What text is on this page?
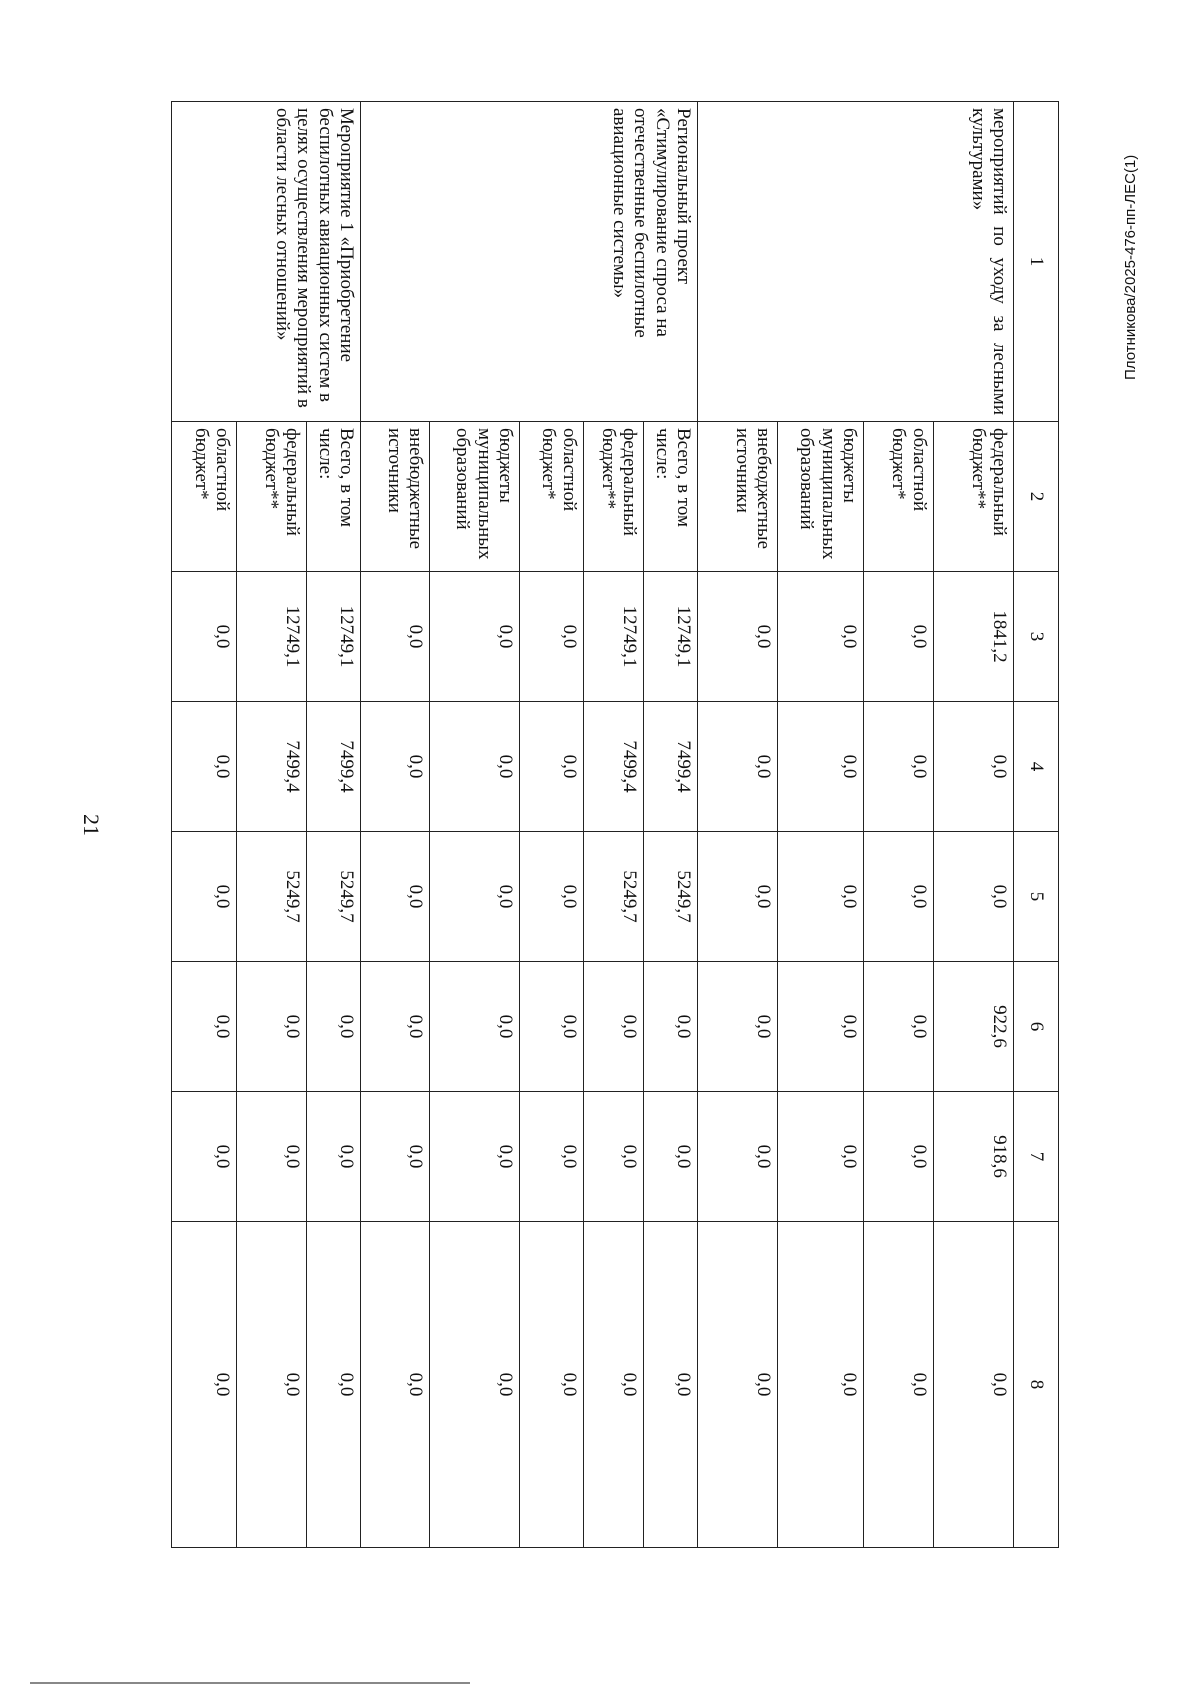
21
Плотникова/2025-476-пп-ЛЕС(1)
1	2	3	4	5	6	7	8

мероприятий по уходу за лесными культурами»	федеральный бюджет**	1841,2	0,0	0,0	922,6	918,6	0,0
	областной бюджет*	0,0	0,0	0,0	0,0	0,0	0,0
	бюджеты муниципальных образований	0,0	0,0	0,0	0,0	0,0	0,0
	внебюджетные источники	0,0	0,0	0,0	0,0	0,0	0,0

Региональный проект «Стимулирование спроса на отечественные беспилотные авиационные системы»	Всего, в том числе:	12749,1	7499,4	5249,7	0,0	0,0	0,0
	федеральный бюджет**	12749,1	7499,4	5249,7	0,0	0,0	0,0
	областной бюджет*	0,0	0,0	0,0	0,0	0,0	0,0
	бюджеты муниципальных образований	0,0	0,0	0,0	0,0	0,0	0,0
	внебюджетные источники	0,0	0,0	0,0	0,0	0,0	0,0

Мероприятие 1 «Приобретение беспилотных авиационных систем в целях осуществления мероприятий в области лесных отношений»	Всего, в том числе:	12749,1	7499,4	5249,7	0,0	0,0	0,0
	федеральный бюджет**	12749,1	7499,4	5249,7	0,0	0,0	0,0
	областной бюджет*	0,0	0,0	0,0	0,0	0,0	0,0
